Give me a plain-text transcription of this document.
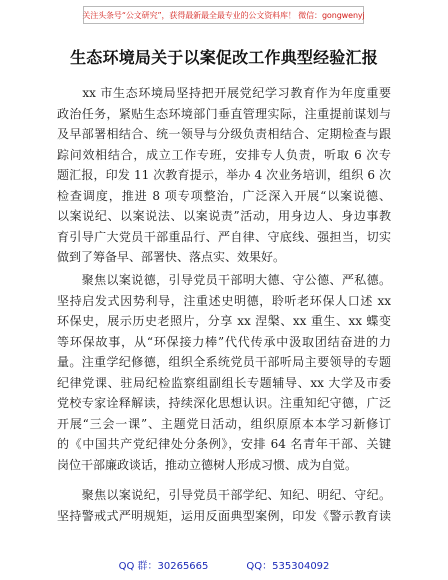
关注头条号“公文研究”，获得最新最全最专业的公文资料库！ 微信：gongwenyj
生态环境局关于以案促改工作典型经验汇报
　　xx 市生态环境局坚持把开展党纪学习教育作为年度重要
政治任务，紧贴生态环境部门垂直管理实际，注重提前谋划与
及早部署相结合、统一领导与分级负责相结合、定期检查与跟
踪问效相结合，成立工作专班，安排专人负责，听取 6 次专
题汇报，印发 11 次教育提示，举办 4 次业务培训，组织 6 次
检查调度，推进 8 项专项整治，广泛深入开展“以案说德、
以案说纪、以案说法、以案说责”活动，用身边人、身边事教
育引导广大党员干部重品行、严自律、守底线、强担当，切实
做到了筹备早、部署快、落点实、效果好。
　　聚焦以案说德，引导党员干部明大德、守公德、严私德。
坚持启发式因势利导，注重述史明德，聆听老环保人口述 xx
环保史，展示历史老照片，分享 xx 涅槃、xx 重生、xx 蝶变
等环保故事，从“环保接力棒”代代传承中汲取团结奋进的力
量。注重学纪修德，组织全系统党员干部听局主要领导的专题
纪律党课、驻局纪检监察组副组长专题辅导、xx 大学及市委
党校专家诠释解读，持续深化思想认识。注重知纪守德，广泛
开展“三会一课”、主题党日活动，组织原原本本学习新修订
的《中国共产党纪律处分条例》，安排 64 名青年干部、关键
岗位干部廉政谈话，推动立德树人形成习惯、成为自觉。
　　聚焦以案说纪，引导党员干部学纪、知纪、明纪、守纪。
坚持警戒式严明规矩，运用反面典型案例，印发《警示教育读
QQ 群：30265665	QQ：535304092
